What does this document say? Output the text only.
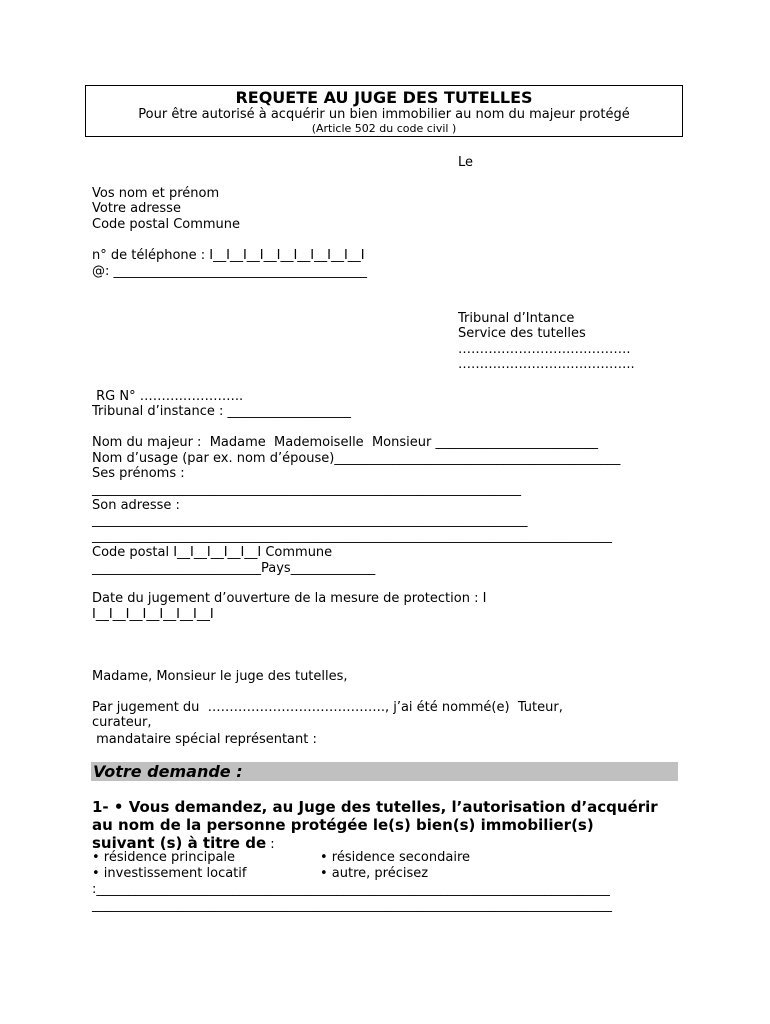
REQUETE AU JUGE DES TUTELLES
Pour être autorisé à acquérir un bien immobilier au nom du majeur protégé
(Article 502 du code civil )
Le
Vos nom et prénom
Votre adresse
Code postal Commune
n° de téléphone : I__I__I__I__I__I__I__I__I__I
@: _______________________________________
Tribunal d’Intance
Service des tutelles
……….…………….….……….
……….…………….….………..
RG N° ……….…………..
Tribunal d’instance : ___________________
Nom du majeur :  Madame  Mademoiselle  Monsieur _________________________
Nom d’usage (par ex. nom d’épouse)____________________________________________
Ses prénoms :
__________________________________________________________________
Son adresse :
___________________________________________________________________
________________________________________________________________________________
Code postal I__I__I__I__I__I Commune
__________________________Pays_____________
Date du jugement d’ouverture de la mesure de protection : I
I__I__I__I__I__I__I__I
Madame, Monsieur le juge des tutelles,
Par jugement du  ………………………………….., j’ai été nommé(e)  Tuteur,
curateur,
mandataire spécial représentant :
Votre demande :
1- • Vous demandez, au Juge des tutelles, l’autorisation d’acquérir
au nom de la personne protégée le(s) bien(s) immobilier(s)
suivant (s) à titre de :
• résidence principale	• résidence secondaire
• investissement locatif	• autre, précisez
:_______________________________________________________________________________
________________________________________________________________________________
